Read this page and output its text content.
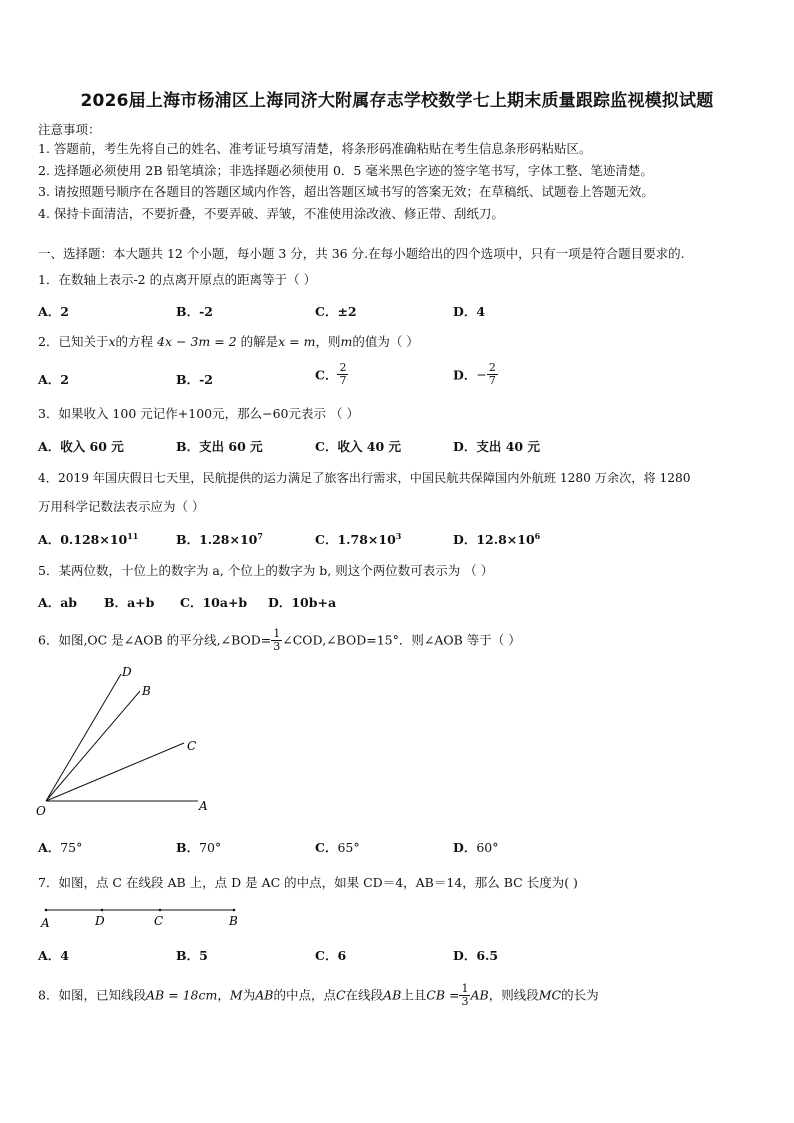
2026届上海市杨浦区上海同济大附属存志学校数学七上期末质量跟踪监视模拟试题
注意事项：
1. 答题前，考生先将自己的姓名、准考证号填写清楚，将条形码准确粘贴在考生信息条形码粘贴区。
2. 选择题必须使用 2B 铅笔填涂；非选择题必须使用 0．5 毫米黑色字迹的签字笔书写，字体工整、笔迹清楚。
3. 请按照题号顺序在各题目的答题区域内作答，超出答题区域书写的答案无效；在草稿纸、试题卷上答题无效。
4. 保持卡面清洁，不要折叠，不要弄破、弄皱，不准使用涂改液、修正带、刮纸刀。
一、选择题：本大题共 12 个小题，每小题 3 分，共 36 分.在每小题给出的四个选项中，只有一项是符合题目要求的.
1．在数轴上表示-2 的点离开原点的距离等于（ ）
A．2	B．-2	C．±2	D．4
2．已知关于x的方程 4x − 3m = 2 的解是x = m，则m的值为（ ）
A．2	B．-2	C． $\frac{2}{7}$	D．− $\frac{2}{7}$
3．如果收入 100 元记作+100元，那么−60元表示 （ ）
A．收入 60 元	B．支出 60 元	C．收入 40 元	D．支出 40 元
4．2019 年国庆假日七天里，民航提供的运力满足了旅客出行需求，中国民航共保障国内外航班 1280 万余次，将 1280
万用科学记数法表示应为（ ）
A．$0.128\times 10^{11}$	B．$1.28\times 10^7$	C．$1.78\times 10^3$	D．$12.8\times 10^6$
5．某两位数，十位上的数字为 a, 个位上的数字为 b, 则这个两位数可表示为 （ ）
A．ab B．a+b C．10a+b D．10b+a
6．如图,OC 是∠AOB 的平分线,∠BOD= $\frac{1}{3}$ ∠COD,∠BOD=15°．则∠AOB 等于（ ）
D
B
C
O	A
A．75°	B．70°	C．65°	D．60°
7．如图，点 C 在线段 AB 上，点 D 是 AC 的中点，如果 CD＝4，AB＝14，那么 BC 长度为( )
A	D	C	B
A．4	B．5	C．6	D．6.5
8．如图，已知线段AB = 18cm，M为AB的中点，点C在线段AB上且CB = $\frac{1}{3}$ AB，则线段MC的长为
